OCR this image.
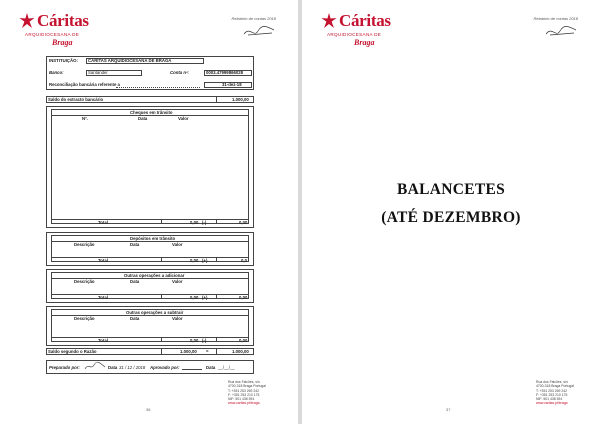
Cáritas
ARQUIDIOCESANA DE
Braga
Relatório de contas 2018
INSTITUIÇÃO: CARITAS ARQUIDIOCESANA DE BRAGA
Banco:	Santander	Conta nº:	0003.47999866028
Reconciliação bancária referente a	31-dez-18
Saldo do extracto bancário	1.000,00
Cheques em trânsito
Nº.	Data	Valor
Total	0,00 (-)	0,00
Depósitos em trânsito
Descrição	Data	Valor
Total	0,00 (+)	0,0
Outras operações a adicionar
Descrição	Data	Valor
Total	0,00 (+)	0,00
Outras operações a subtrair
Descrição	Data	Valor
Total	0,00 (-)	0,00
Saldo segundo o Razão	1.000,00 =	1.000,00
Preparado por:	Data 31 / 12 / 2018 Aprovado por:	Data __/__/__
Rua dos Falcões, s/n
4700-318 Braga Portugal
T: +351 253 269 242
F: +351 253 210 175
NIF: 501 438 394
www.caritas.pt/braga
36
Cáritas
ARQUIDIOCESANA DE
Braga
Relatório de contas 2018
BALANCETES
(ATÉ DEZEMBRO)
Rua dos Falcões, s/n
4700-318 Braga Portugal
T: +351 253 269 242
F: +351 253 210 175
NIF: 501 438 394
www.caritas.pt/braga
37
